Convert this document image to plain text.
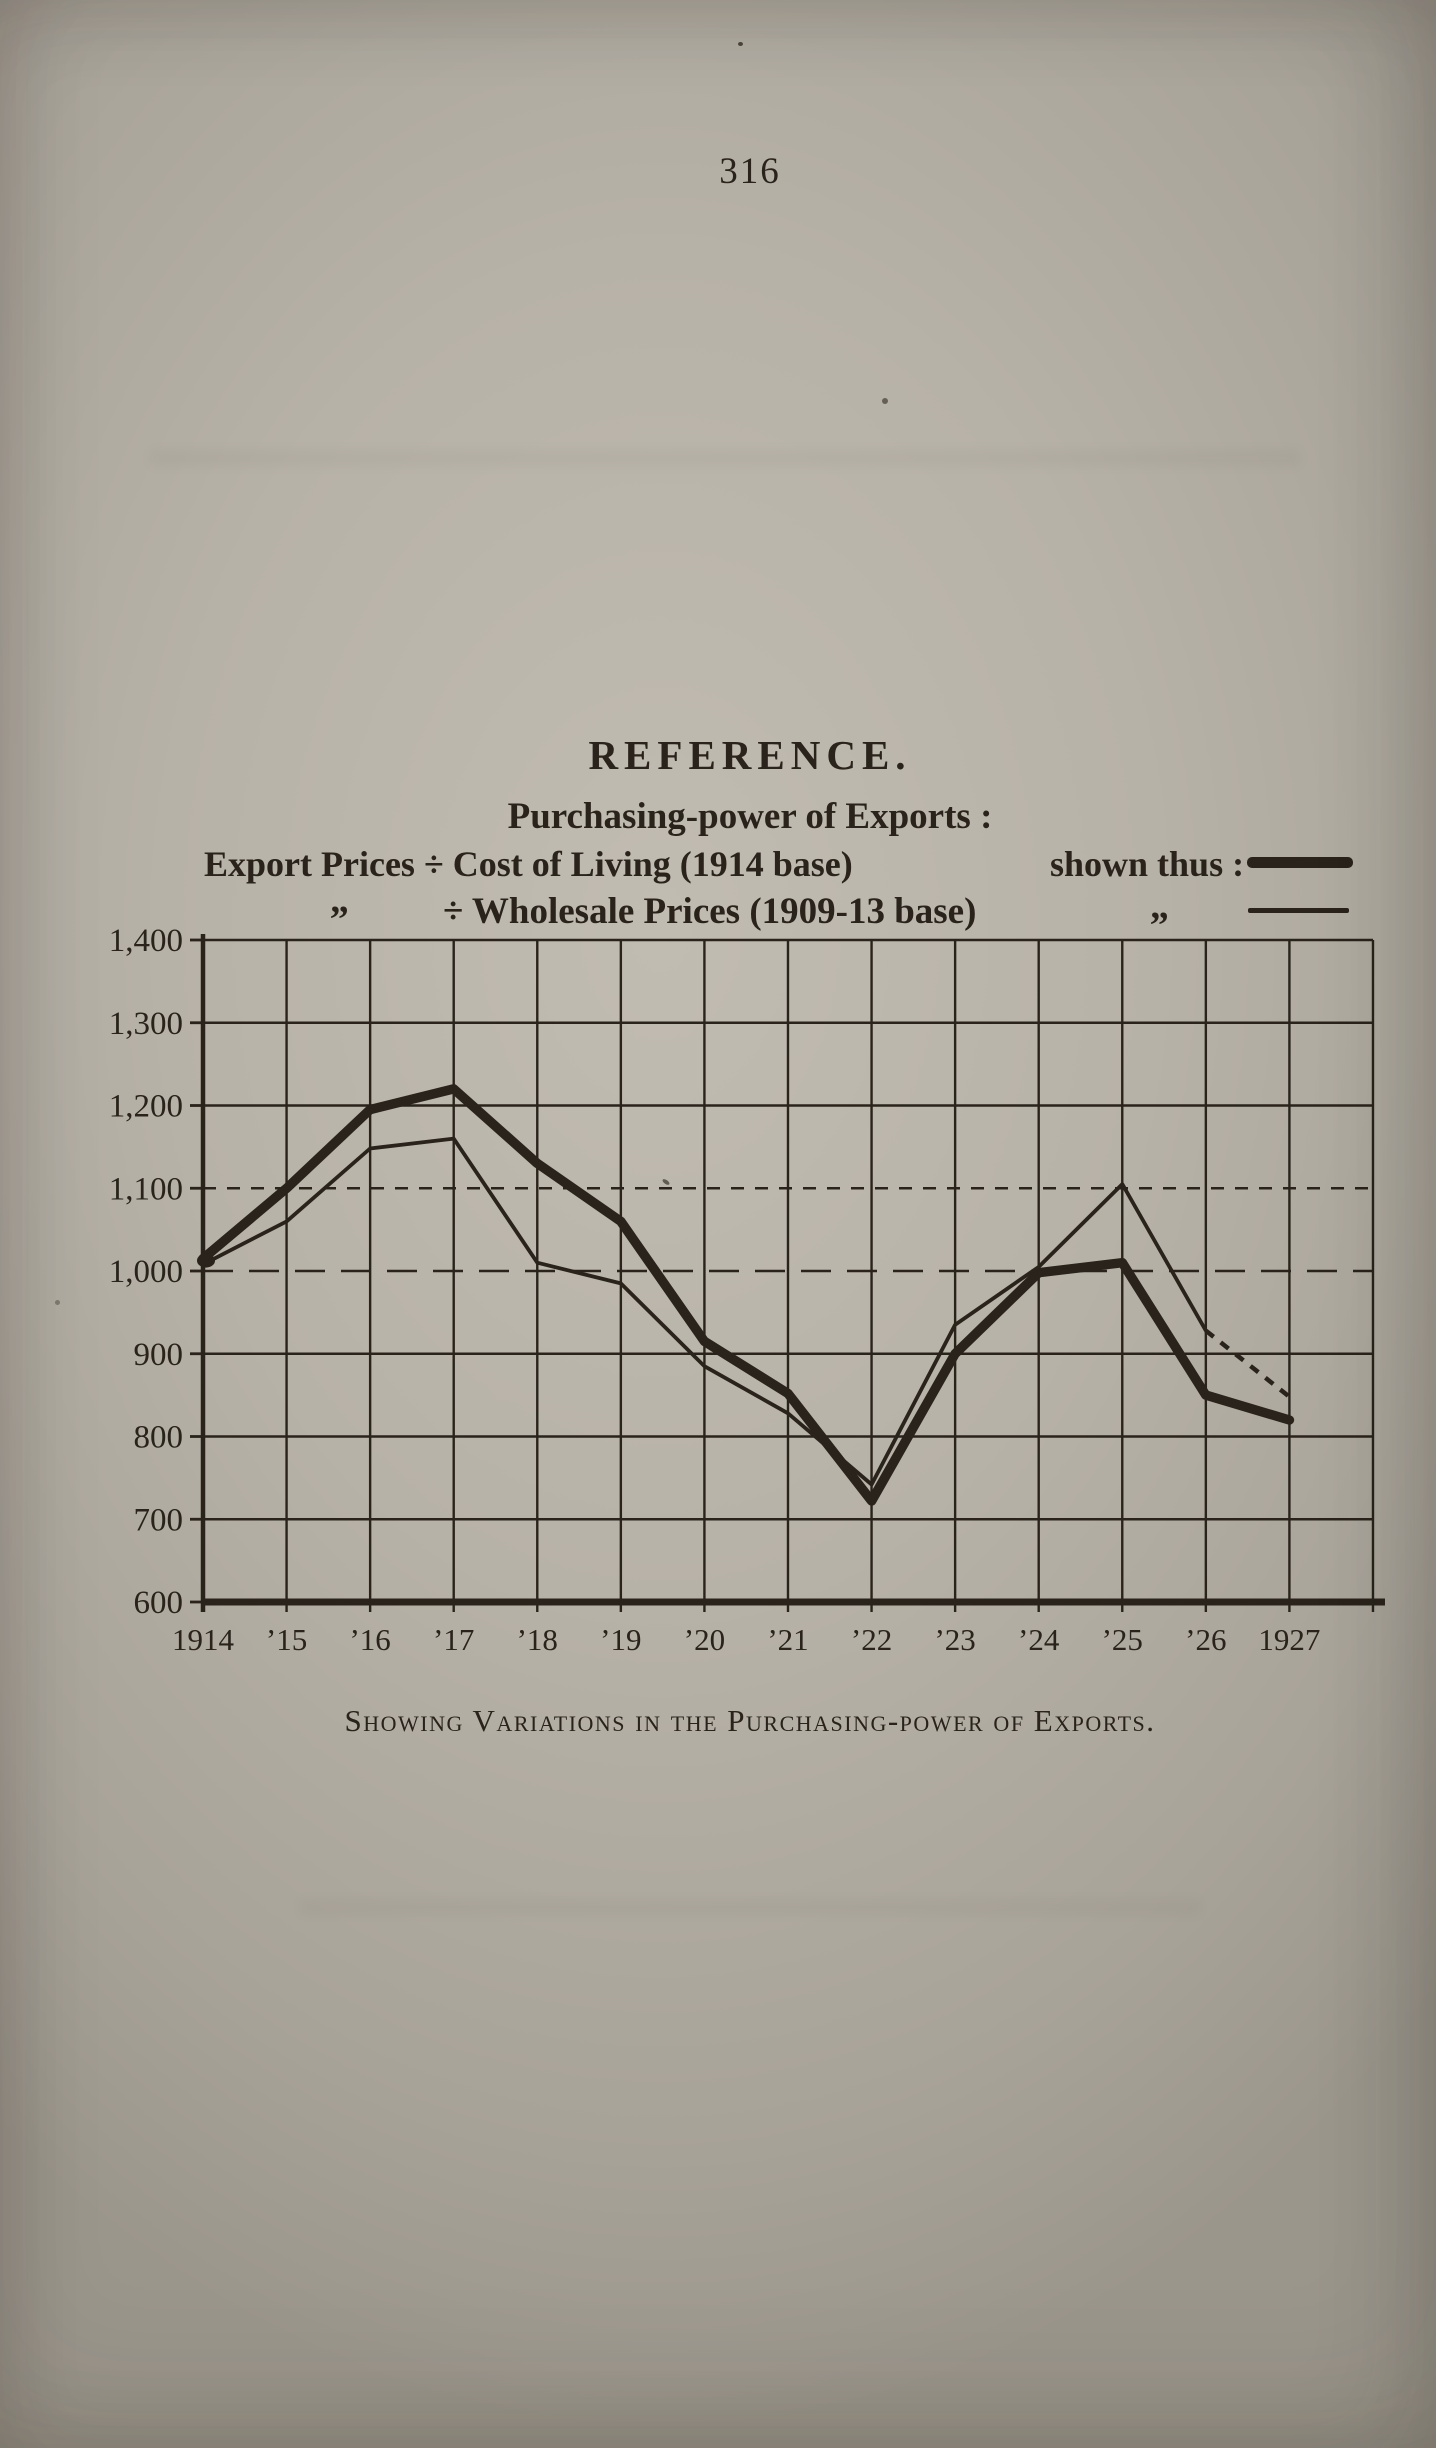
316
REFERENCE.
Purchasing-power of Exports :
Export Prices ÷ Cost of Living (1914 base)	shown thus :
„	÷ Wholesale Prices (1909-13 base)	„
1,400
1,300
1,200
1,100
1,000
900
800
700
600
1914 ’15 ’16 ’17 ’18 ’19 ’20 ’21 ’22 ’23 ’24 ’25 ’26 1927
Showing Variations in the Purchasing-power of Exports.
